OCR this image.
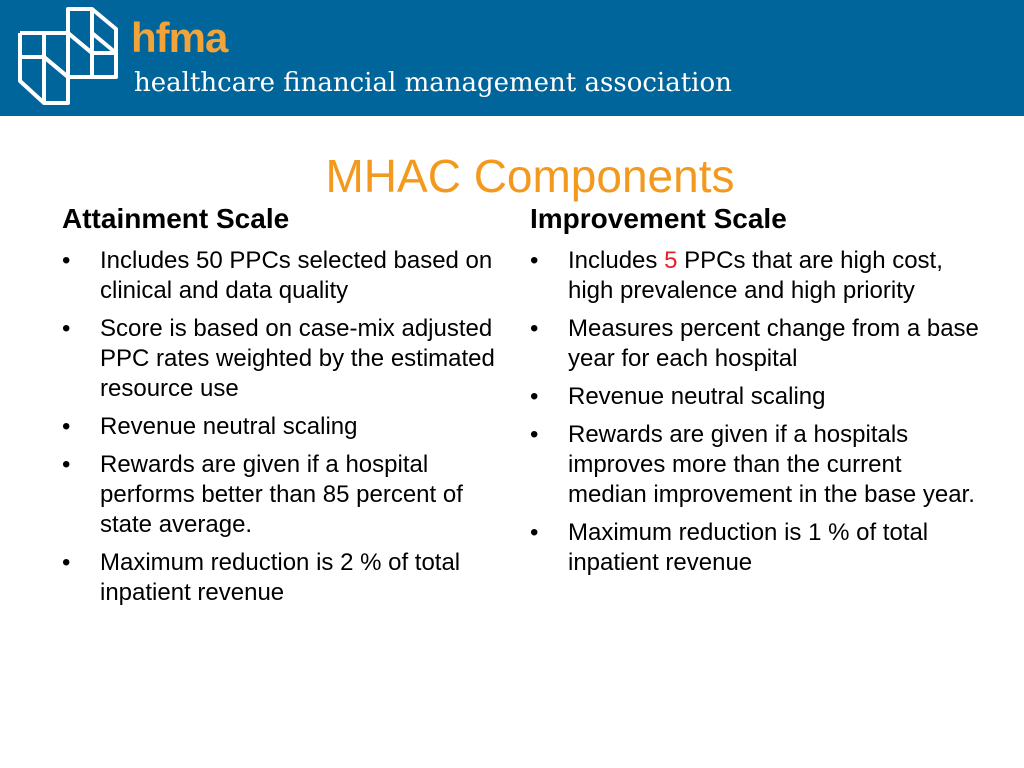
hfma
healthcare financial management association
MHAC Components
Attainment Scale
• Includes 50 PPCs selected based on clinical and data quality
• Score is based on case-mix adjusted PPC rates weighted by the estimated resource use
• Revenue neutral scaling
• Rewards are given if a hospital performs better than 85 percent of state average.
• Maximum reduction is 2 % of total inpatient revenue
Improvement Scale
• Includes 5 PPCs that are high cost, high prevalence and high priority
• Measures percent change from a base year for each hospital
• Revenue neutral scaling
• Rewards are given if a hospitals improves more than the current median improvement in the base year.
• Maximum reduction is 1 % of total inpatient revenue
